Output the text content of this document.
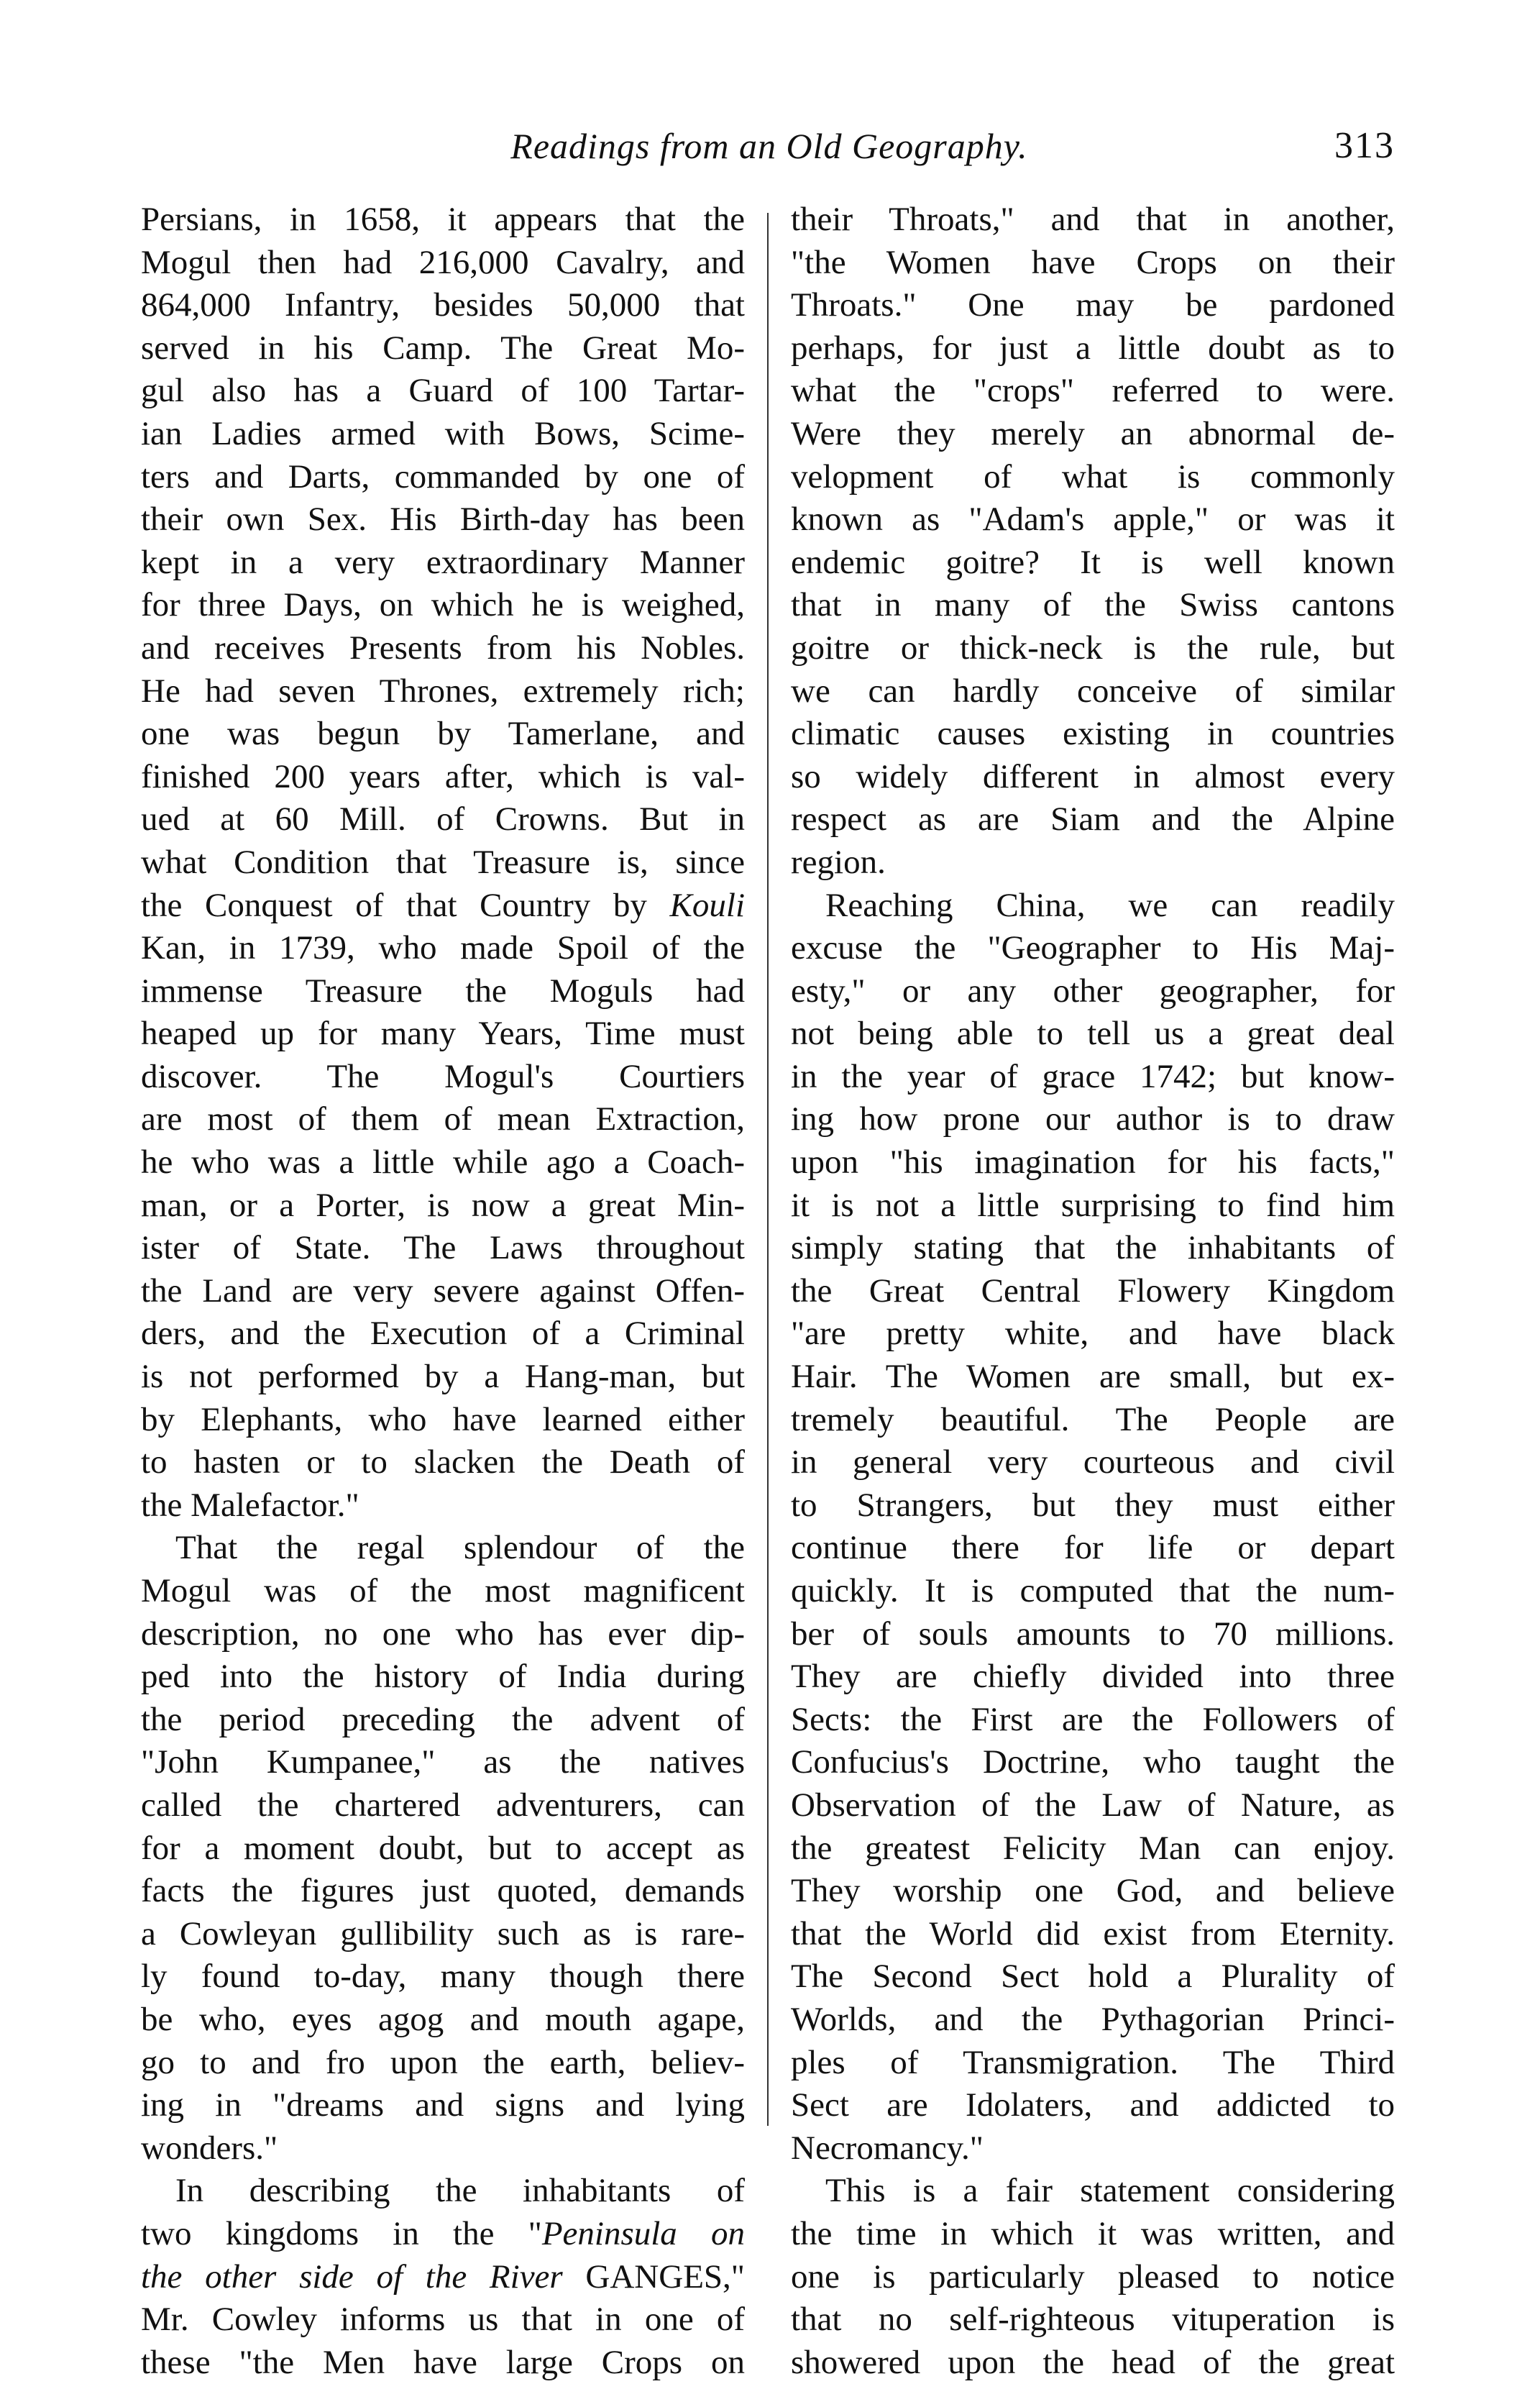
Readings from an Old Geography.	313
Persians, in 1658, it appears that the
Mogul then had 216,000 Cavalry, and
864,000 Infantry, besides 50,000 that
served in his Camp. The Great Mo-
gul also has a Guard of 100 Tartar-
ian Ladies armed with Bows, Scime-
ters and Darts, commanded by one of
their own Sex. His Birth-day has been
kept in a very extraordinary Manner
for three Days, on which he is weighed,
and receives Presents from his Nobles.
He had seven Thrones, extremely rich;
one was begun by Tamerlane, and
finished 200 years after, which is val-
ued at 60 Mill. of Crowns. But in
what Condition that Treasure is, since
the Conquest of that Country by Kouli
Kan, in 1739, who made Spoil of the
immense Treasure the Moguls had
heaped up for many Years, Time must
discover. The Mogul's Courtiers
are most of them of mean Extraction,
he who was a little while ago a Coach-
man, or a Porter, is now a great Min-
ister of State. The Laws throughout
the Land are very severe against Offen-
ders, and the Execution of a Criminal
is not performed by a Hang-man, but
by Elephants, who have learned either
to hasten or to slacken the Death of
the Malefactor."
That the regal splendour of the
Mogul was of the most magnificent
description, no one who has ever dip-
ped into the history of India during
the period preceding the advent of
"John Kumpanee," as the natives
called the chartered adventurers, can
for a moment doubt, but to accept as
facts the figures just quoted, demands
a Cowleyan gullibility such as is rare-
ly found to-day, many though there
be who, eyes agog and mouth agape,
go to and fro upon the earth, believ-
ing in "dreams and signs and lying
wonders."
In describing the inhabitants of
two kingdoms in the "Peninsula on
the other side of the River GANGES,"
Mr. Cowley informs us that in one of
these "the Men have large Crops on
their Throats," and that in another,
"the Women have Crops on their
Throats." One may be pardoned
perhaps, for just a little doubt as to
what the "crops" referred to were.
Were they merely an abnormal de-
velopment of what is commonly
known as "Adam's apple," or was it
endemic goitre? It is well known
that in many of the Swiss cantons
goitre or thick-neck is the rule, but
we can hardly conceive of similar
climatic causes existing in countries
so widely different in almost every
respect as are Siam and the Alpine
region.
Reaching China, we can readily
excuse the "Geographer to His Maj-
esty," or any other geographer, for
not being able to tell us a great deal
in the year of grace 1742; but know-
ing how prone our author is to draw
upon "his imagination for his facts,"
it is not a little surprising to find him
simply stating that the inhabitants of
the Great Central Flowery Kingdom
"are pretty white, and have black
Hair. The Women are small, but ex-
tremely beautiful. The People are
in general very courteous and civil
to Strangers, but they must either
continue there for life or depart
quickly. It is computed that the num-
ber of souls amounts to 70 millions.
They are chiefly divided into three
Sects: the First are the Followers of
Confucius's Doctrine, who taught the
Observation of the Law of Nature, as
the greatest Felicity Man can enjoy.
They worship one God, and believe
that the World did exist from Eternity.
The Second Sect hold a Plurality of
Worlds, and the Pythagorian Princi-
ples of Transmigration. The Third
Sect are Idolaters, and addicted to
Necromancy."
This is a fair statement considering
the time in which it was written, and
one is particularly pleased to notice
that no self-righteous vituperation is
showered upon the head of the great
